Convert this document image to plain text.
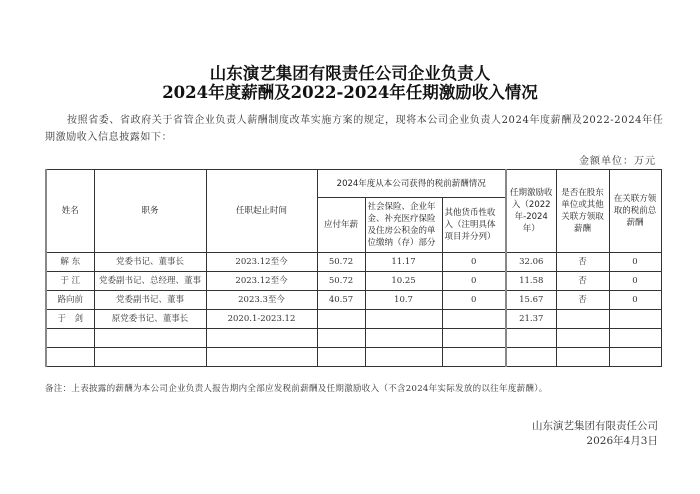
山东演艺集团有限责任公司企业负责人
2024年度薪酬及2022-2024年任期激励收入情况
按照省委、省政府关于省管企业负责人薪酬制度改革实施方案的规定，现将本公司企业负责人2024年度薪酬及2022-2024年任期激励收入信息披露如下：
金额单位：万元
姓名	职务	任职起止时间	2024年度从本公司获得的税前薪酬情况			任期激励收入（2022年-2024年）	是否在股东单位或其他关联方领取薪酬	在关联方领取的税前总薪酬
			应付年薪	社会保险、企业年金、补充医疗保险及住房公积金的单位缴纳（存）部分	其他货币性收入（注明具体项目并分列）			
解 东	党委书记、董事长	2023.12至今	50.72	11.17	0	32.06	否	0
于 江	党委副书记、总经理、董事	2023.12至今	50.72	10.25	0	11.58	否	0
路向前	党委副书记、董事	2023.3至今	40.57	10.7	0	15.67	否	0
于　剑	原党委书记、董事长	2020.1-2023.12				21.37		

备注：上表披露的薪酬为本公司企业负责人报告期内全部应发税前薪酬及任期激励收入（不含2024年实际发放的以往年度薪酬）。
山东演艺集团有限责任公司
2026年4月3日
